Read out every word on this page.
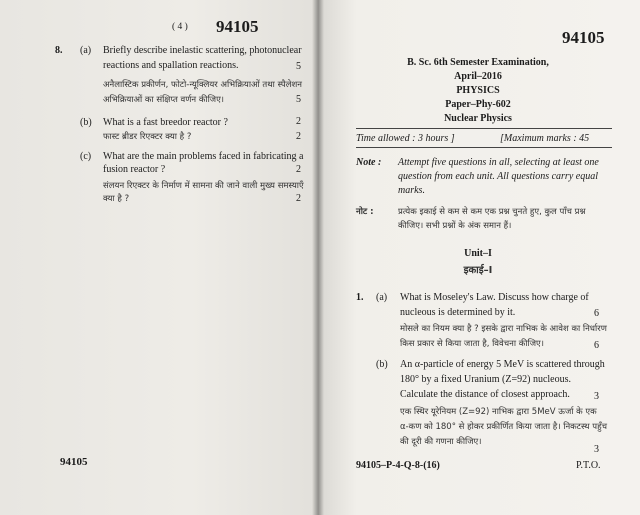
( 4 ) 94105
8. (a) Briefly describe inelastic scattering, photonuclear
reactions and spallation reactions.	5
अनैलास्टिक प्रकीर्णन, फोटो-न्यूक्लियर अभिक्रियाओं तथा स्पैलेशन
अभिक्रियाओं का संक्षिप्त वर्णन कीजिए।	5
(b) What is a fast breedor reactor ?	2
फास्ट ब्रीडर रिएक्टर क्या है ?	2
(c) What are the main problems faced in fabricating a
fusion reactor ?	2
संलयन रिएक्टर के निर्माण में सामना की जाने वाली मुख्य समस्याएँ
क्या है ?	2
94105
94105
B. Sc. 6th Semester Examination,
April–2016
PHYSICS
Paper–Phy-602
Nuclear Physics
Time allowed : 3 hours ]	[Maximum marks : 45
Note : Attempt five questions in all, selecting at least one
question from each unit. All questions carry equal
marks.
नोट :	प्रत्येक इकाई से कम से कम एक प्रश्न चुनते हुए, कुल पाँच प्रश्न
कीजिए। सभी प्रश्नों के अंक समान हैं।
Unit–I
इकाई–I
1. (a) What is Moseley's Law. Discuss how charge of
nucleous is determined by it.	6
मोसले का नियम क्या है ? इसके द्वारा नाभिक के आवेश का निर्धारण
किस प्रकार से किया जाता है, विवेचना कीजिए।	6
(b) An α-particle of energy 5 MeV is scattered through
180° by a fixed Uranium (Z=92) nucleous.
Calculate the distance of closest approach. 3
एक स्थिर यूरेनियम (Z=92) नाभिक द्वारा 5MeV ऊर्जा के एक
α-कण को 180° से होकर प्रकीर्णित किया जाता है। निकटस्थ पहुँच
की दूरी की गणना कीजिए।
3
94105–P-4-Q-8-(16)	P.T.O.
